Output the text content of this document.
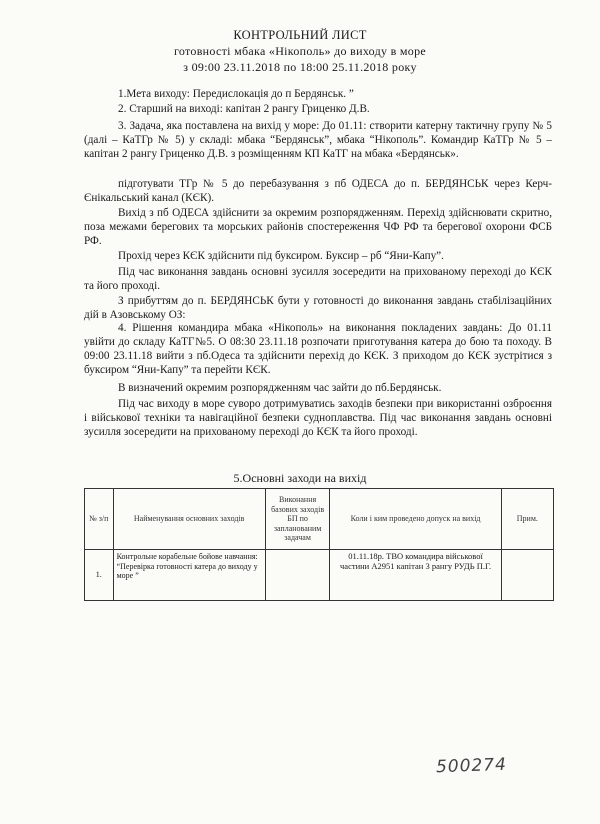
КОНТРОЛЬНИЙ ЛИСТ
готовності мбака «Нікополь» до виходу в море
з 09:00 23.11.2018 по 18:00 25.11.2018 року
1.Мета виходу: Передислокація до п Бердянськ. ”
2. Старший на виході: капітан 2 рангу Гриценко Д.В.
3. Задача, яка поставлена на вихід у море: До 01.11: створити катерну тактичну групу № 5 (далі – КаТГр № 5) у складі: мбака “Бердянськ”, мбака “Нікополь”. Командир КаТГр № 5 – капітан 2 рангу Гриценко Д.В. з розміщенням КП КаТГ на мбака «Бердянськ».
підготувати ТГр № 5 до перебазування з пб ОДЕСА до п. БЕРДЯНСЬК через Керч-Єнікальський канал (КЄК).
Вихід з пб ОДЕСА здійснити за окремим розпорядженням. Перехід здійснювати скритно, поза межами берегових та морських районів спостереження ЧФ РФ та берегової охорони ФСБ РФ.
Прохід через КЄК здійснити під буксиром. Буксир – рб “Яни-Капу”.
Під час виконання завдань основні зусилля зосередити на прихованому переході до КЄК та його проході.
З прибуттям до п. БЕРДЯНСЬК бути у готовності до виконання завдань стабілізаційних дій в Азовському ОЗ:
4. Рішення командира мбака «Нікополь» на виконання покладених завдань: До 01.11 увійти до складу КаТГ№5. О 08:30 23.11.18 розпочати приготування катера до бою та походу. В 09:00 23.11.18 вийти з пб.Одеса та здійснити перехід до КЄК. З приходом до КЄК зустрітися з буксиром “Яни-Капу” та перейти КЄК.
В визначений окремим розпорядженням час зайти до пб.Бердянськ.
Під час виходу в море суворо дотримуватись заходів безпеки при використанні озброєння і військової техніки та навігаційної безпеки судноплавства. Під час виконання завдань основні зусилля зосередити на прихованому переході до КЄК та його проході.
5.Основні заходи на вихід
№ з/п	Найменування основних заходів	Виконання базових заходів БП по запланованим задачам	Коли і ким проведено допуск на вихід	Прим.
1.	Контрольне корабельне бойове навчання: “Перевірка готовності катера до виходу у море ”		01.11.18р. ТВО командира військової частини А2951 капітан 3 рангу РУДЬ П.Г.	
500274
